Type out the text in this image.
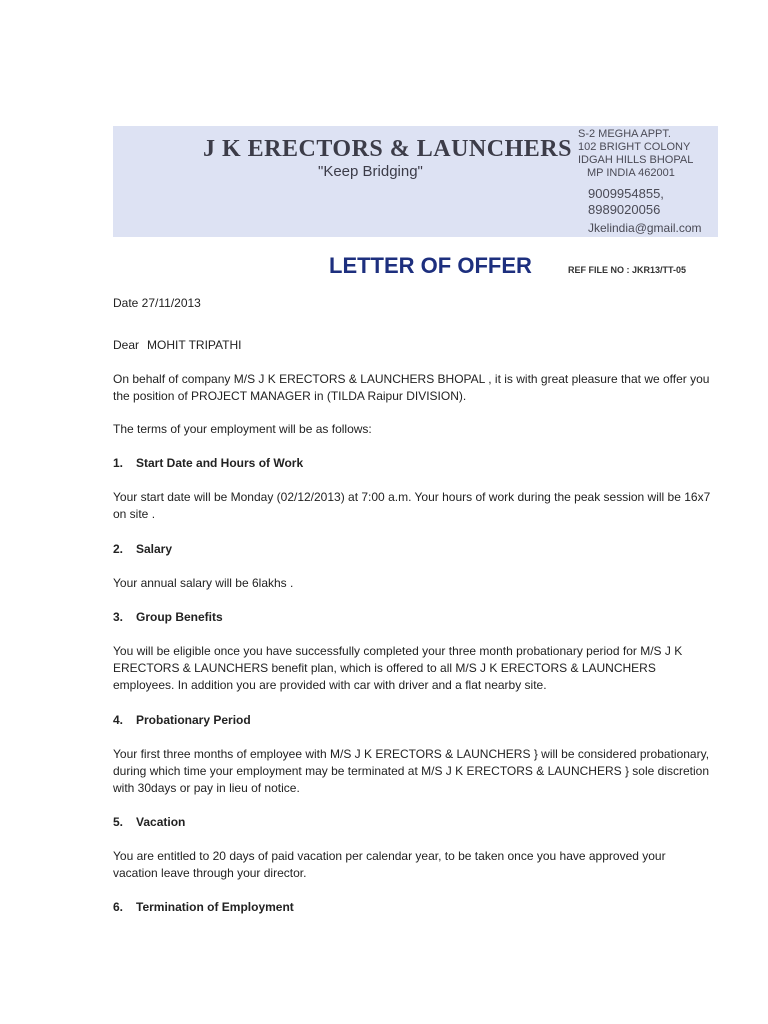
J K ERECTORS & LAUNCHERS
"Keep Bridging"
S-2 MEGHA APPT.
102 BRIGHT COLONY
IDGAH HILLS BHOPAL
MP INDIA 462001
9009954855,
8989020056
Jkelindia@gmail.com
LETTER OF OFFER	REF FILE NO : JKR13/TT-05
Date 27/11/2013
Dear MOHIT TRIPATHI
On behalf of company M/S J K ERECTORS & LAUNCHERS BHOPAL , it is with great pleasure that we offer you the position of PROJECT MANAGER in (TILDA Raipur DIVISION).
The terms of your employment will be as follows:
1. Start Date and Hours of Work
Your start date will be Monday (02/12/2013) at 7:00 a.m. Your hours of work during the peak session will be 16x7 on site .
2. Salary
Your annual salary will be 6lakhs .
3. Group Benefits
You will be eligible once you have successfully completed your three month probationary period for M/S J K ERECTORS & LAUNCHERS benefit plan, which is offered to all M/S J K ERECTORS & LAUNCHERS employees. In addition you are provided with car with driver and a flat nearby site.
4. Probationary Period
Your first three months of employee with M/S J K ERECTORS & LAUNCHERS } will be considered probationary, during which time your employment may be terminated at M/S J K ERECTORS & LAUNCHERS } sole discretion with 30days or pay in lieu of notice.
5. Vacation
You are entitled to 20 days of paid vacation per calendar year, to be taken once you have approved your vacation leave through your director.
6. Termination of Employment
